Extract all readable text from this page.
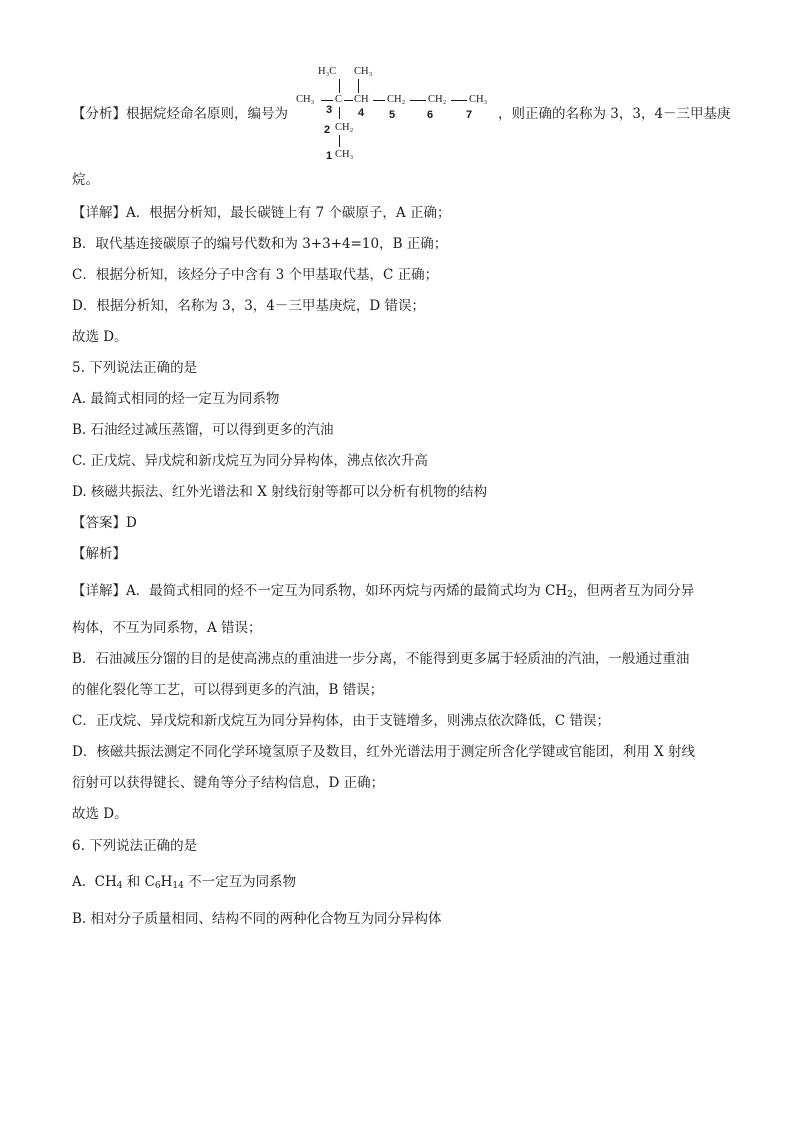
【分析】根据烷烃命名原则，编号为	，则正确的名称为 3，3，4－三甲基庚
H₃C CH₃
CH₃ C CH CH₂ CH₂ CH₃
3 4 5	6	7
2 CH₂
1 CH₃
烷。
【详解】A．根据分析知，最长碳链上有 7 个碳原子，A 正确；
B．取代基连接碳原子的编号代数和为 3+3+4=10，B 正确；
C．根据分析知，该烃分子中含有 3 个甲基取代基，C 正确；
D．根据分析知，名称为 3，3，4－三甲基庚烷，D 错误；
故选 D。
5. 下列说法正确的是
A. 最简式相同的烃一定互为同系物
B. 石油经过减压蒸馏，可以得到更多的汽油
C. 正戊烷、异戊烷和新戊烷互为同分异构体，沸点依次升高
D. 核磁共振法、红外光谱法和 X 射线衍射等都可以分析有机物的结构
【答案】D
【解析】
【详解】A．最简式相同的烃不一定互为同系物，如环丙烷与丙烯的最简式均为 $CH_2$，但两者互为同分异
构体，不互为同系物，A 错误；
B．石油减压分馏的目的是使高沸点的重油进一步分离，不能得到更多属于轻质油的汽油，一般通过重油
的催化裂化等工艺，可以得到更多的汽油，B 错误；
C．正戊烷、异戊烷和新戊烷互为同分异构体，由于支链增多，则沸点依次降低，C 错误；
D．核磁共振法测定不同化学环境氢原子及数目，红外光谱法用于测定所含化学键或官能团，利用 X 射线
衍射可以获得键长、键角等分子结构信息，D 正确；
故选 D。
6. 下列说法正确的是
A. $CH_4$ 和 $C_6H_{14}$ 不一定互为同系物
B. 相对分子质量相同、结构不同的两种化合物互为同分异构体
